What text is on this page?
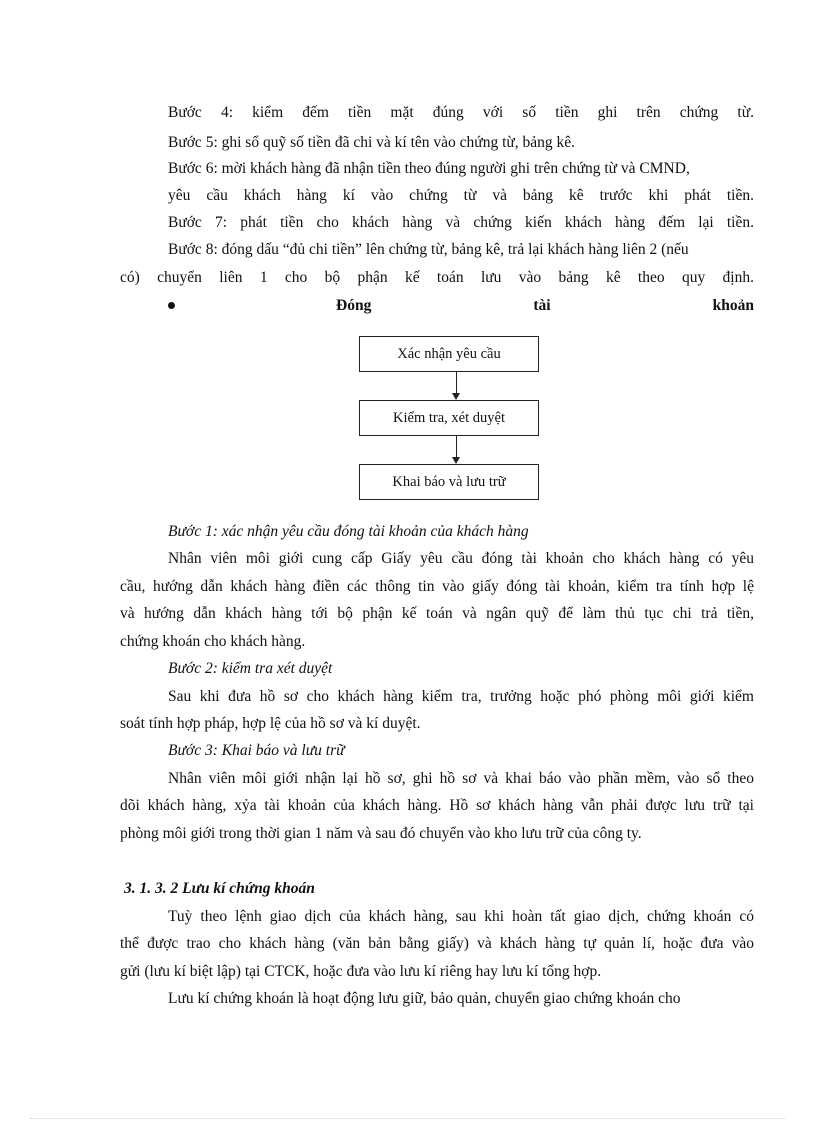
Bước 4: kiểm đếm tiền mặt đúng với số tiền ghi trên chứng từ.
Bước 5: ghi sổ quỹ số tiền đã chi và kí tên vào chứng từ, bảng kê.
Bước 6: mời khách hàng đã nhận tiền theo đúng người ghi trên chứng từ và CMND,
yêu cầu khách hàng kí vào chứng từ và bảng kê trước khi phát tiền.
Bước 7: phát tiền cho khách hàng và chứng kiến khách hàng đếm lại tiền.
Bước 8: đóng dấu “đủ chi tiền” lên chứng từ, bảng kê, trả lại khách hàng liên 2 (nếu
có) chuyển liên 1 cho bộ phận kế toán lưu vào bảng kê theo quy định.
Đóng tài khoản
Xác nhận yêu cầu
Kiểm tra, xét duyệt
Khai báo và lưu trữ
Bước 1: xác nhận yêu cầu đóng tài khoản của khách hàng
Nhân viên môi giới cung cấp Giấy yêu cầu đóng tài khoản cho khách hàng có yêu
cầu, hướng dẫn khách hàng điền các thông tin vào giấy đóng tài khoản, kiểm tra tính hợp lệ
và hướng dẫn khách hàng tới bộ phận kế toán và ngân quỹ để làm thủ tục chi trả tiền,
chứng khoán cho khách hàng.
Bước 2: kiểm tra xét duyệt
Sau khi đưa hồ sơ cho khách hàng kiểm tra, trưởng hoặc phó phòng môi giới kiểm
soát tính hợp pháp, hợp lệ của hồ sơ và kí duyệt.
Bước 3: Khai báo và lưu trữ
Nhân viên môi giới nhận lại hồ sơ, ghi hồ sơ và khai báo vào phần mềm, vào sổ theo
dõi khách hàng, xỷa tài khoản của khách hàng. Hồ sơ khách hàng vẫn phải được lưu trữ tại
phòng môi giới trong thời gian 1 năm và sau đó chuyển vào kho lưu trữ của công ty.
3. 1. 3. 2 Lưu kí chứng khoán
Tuỳ theo lệnh giao dịch của khách hàng, sau khi hoàn tất giao dịch, chứng khoán có
thể được trao cho khách hàng (văn bản bằng giấy) và khách hàng tự quản lí, hoặc đưa vào
gửi (lưu kí biệt lập) tại CTCK, hoặc đưa vào lưu kí riêng hay lưu kí tổng hợp.
Lưu kí chứng khoán là hoạt động lưu giữ, bảo quản, chuyển giao chứng khoán cho
